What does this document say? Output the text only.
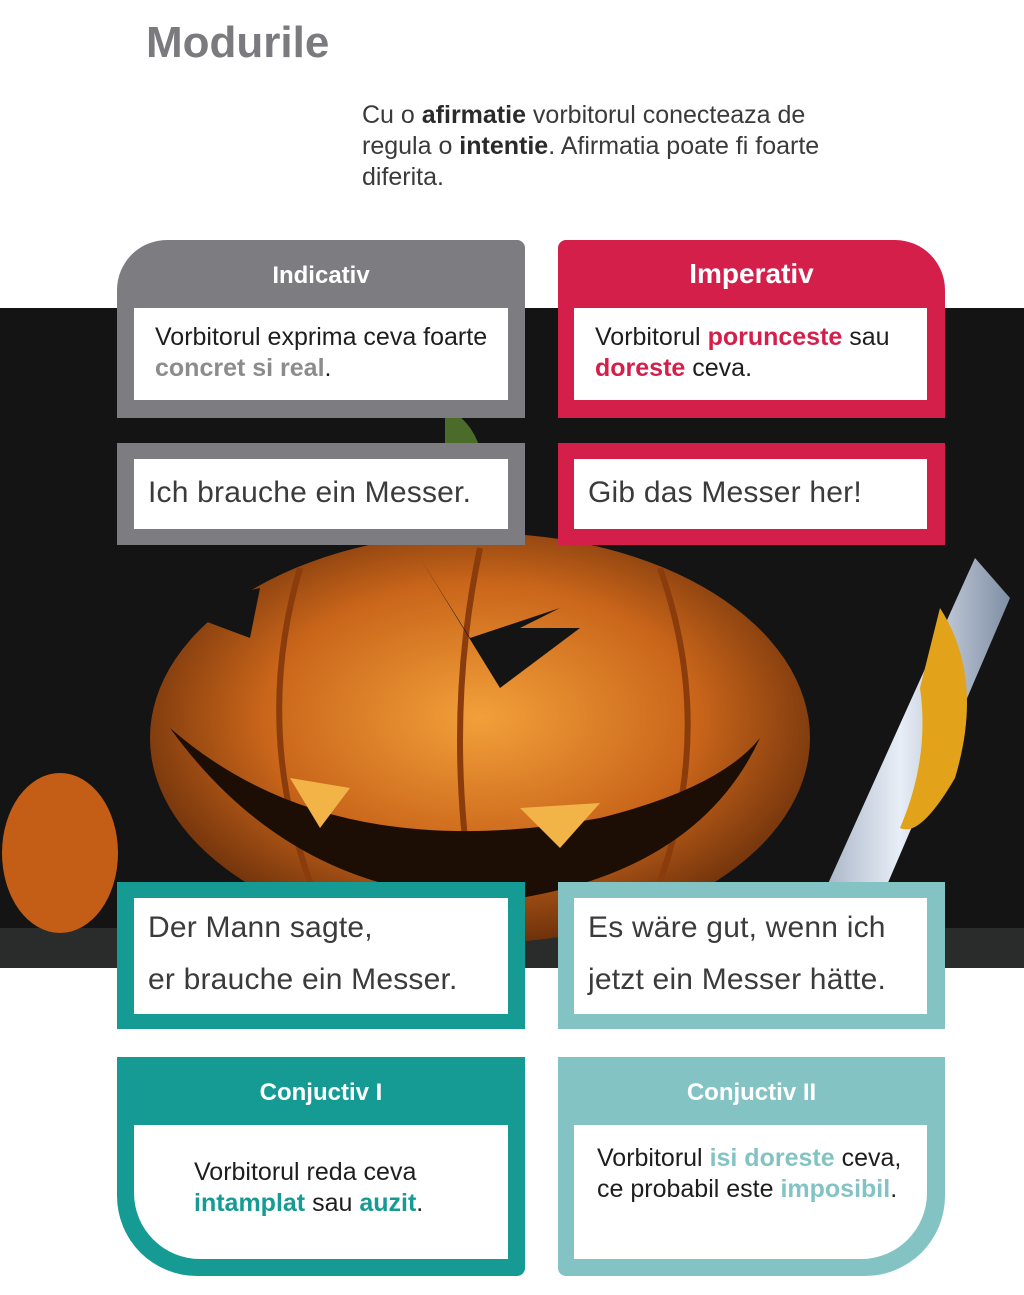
Modurile
Cu o afirmatie vorbitorul conecteaza de regula o intentie. Afirmatia poate fi foarte diferita.
Indicativ
Vorbitorul exprima ceva foarte concret si real.
Ich brauche ein Messer.
Imperativ
Vorbitorul porunceste sau doreste ceva.
Gib das Messer her!
Der Mann sagte,
er brauche ein Messer.
Es wäre gut, wenn ich
jetzt ein Messer hätte.
Conjuctiv I
Vorbitorul reda ceva intamplat sau auzit.
Conjuctiv II
Vorbitorul isi doreste ceva, ce probabil este imposibil.
